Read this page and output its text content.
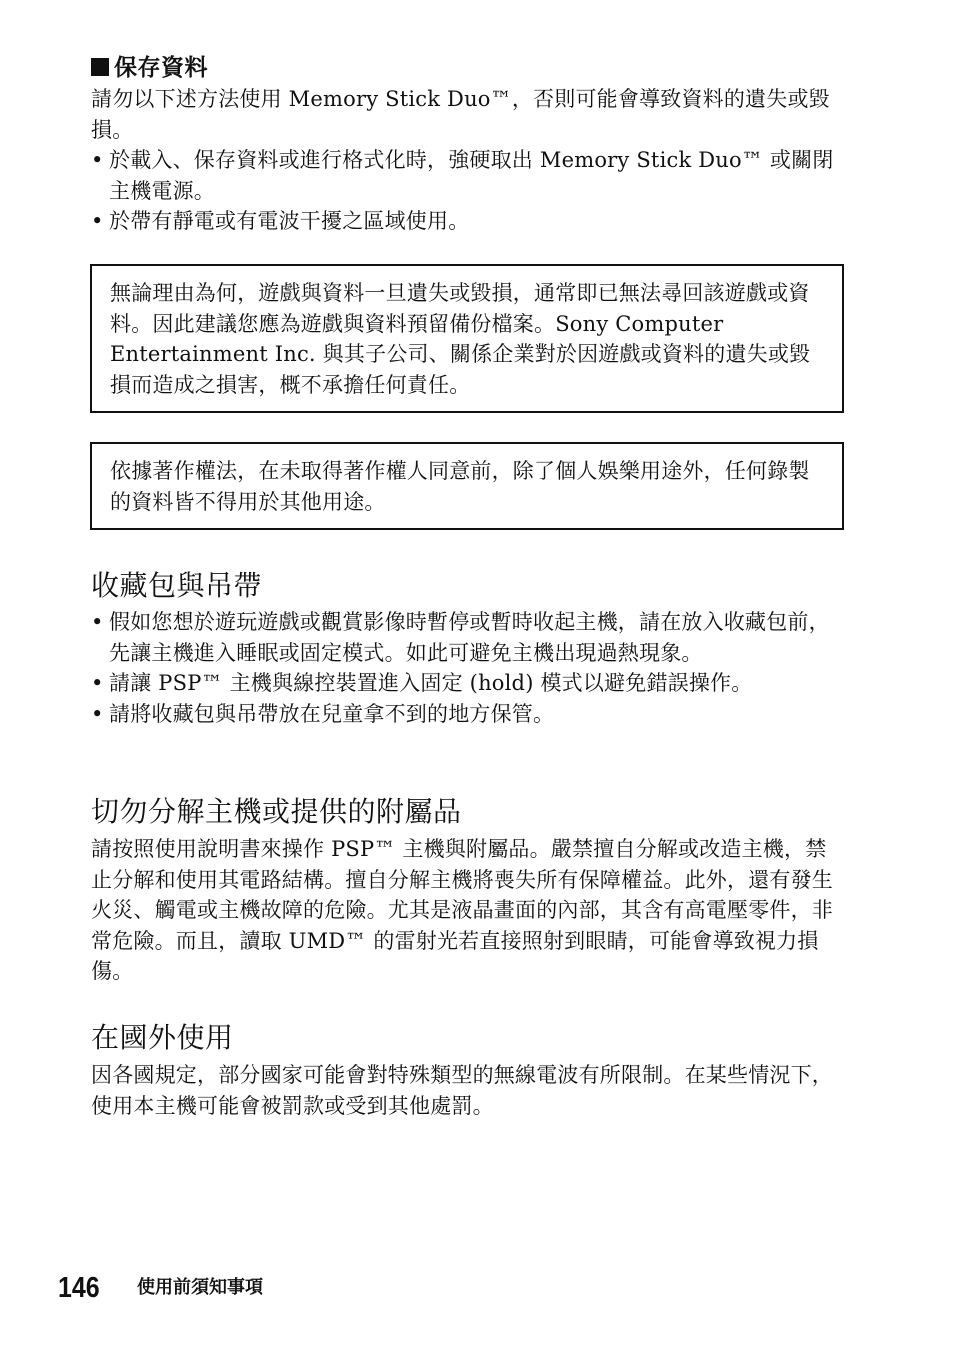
保存資料

請勿以下述方法使用 Memory Stick Duo™，否則可能會導致資料的遺失或毀損。

• 於載入、保存資料或進行格式化時，強硬取出 Memory Stick Duo™ 或關閉主機電源。
• 於帶有靜電或有電波干擾之區域使用。
無論理由為何，遊戲與資料一旦遺失或毀損，通常即已無法尋回該遊戲或資料。因此建議您應為遊戲與資料預留備份檔案。Sony Computer Entertainment Inc. 與其子公司、關係企業對於因遊戲或資料的遺失或毀損而造成之損害，概不承擔任何責任。
依據著作權法，在未取得著作權人同意前，除了個人娛樂用途外，任何錄製的資料皆不得用於其他用途。
收藏包與吊帶
• 假如您想於遊玩遊戲或觀賞影像時暫停或暫時收起主機，請在放入收藏包前，先讓主機進入睡眠或固定模式。如此可避免主機出現過熱現象。
• 請讓 PSP™ 主機與線控裝置進入固定 (hold) 模式以避免錯誤操作。
• 請將收藏包與吊帶放在兒童拿不到的地方保管。
切勿分解主機或提供的附屬品

請按照使用說明書來操作 PSP™ 主機與附屬品。嚴禁擅自分解或改造主機，禁止分解和使用其電路結構。擅自分解主機將喪失所有保障權益。此外，還有發生火災、觸電或主機故障的危險。尤其是液晶畫面的內部，其含有高電壓零件，非常危險。而且，讀取 UMD™ 的雷射光若直接照射到眼睛，可能會導致視力損傷。

在國外使用

因各國規定，部分國家可能會對特殊類型的無線電波有所限制。在某些情況下，使用本主機可能會被罰款或受到其他處罰。

146 使用前須知事項
